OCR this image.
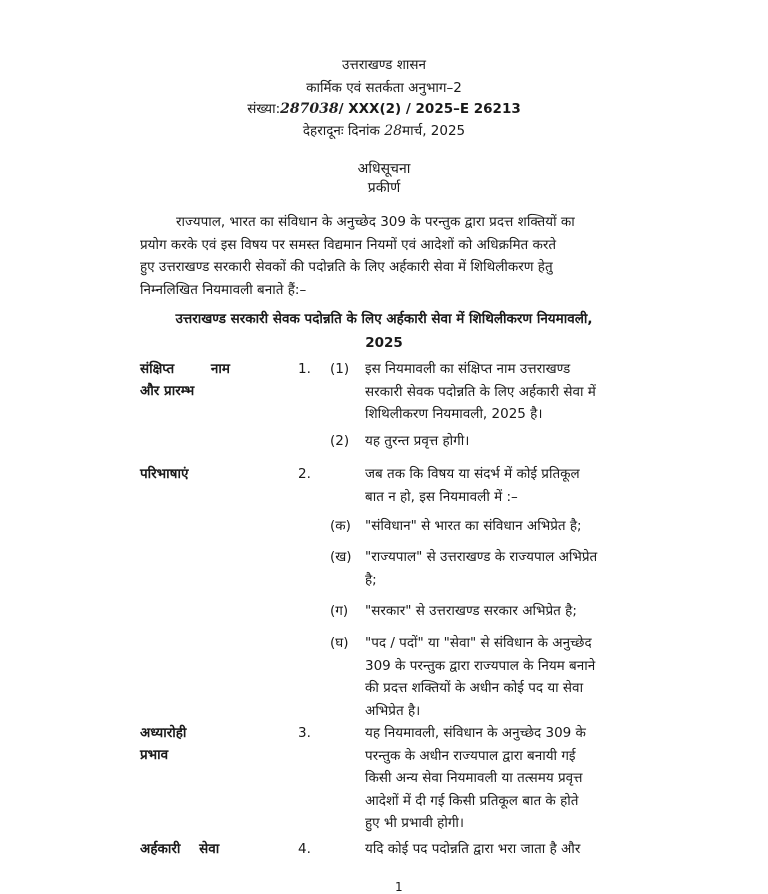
उत्तराखण्ड शासन
कार्मिक एवं सतर्कता अनुभाग–2
संख्या:287038/ XXX(2) / 2025–E 26213
देहरादूनः दिनांक 28मार्च, 2025
अधिसूचना
प्रकीर्ण
राज्यपाल, भारत का संविधान के अनुच्छेद 309 के परन्तुक द्वारा प्रदत्त शक्तियों का
प्रयोग करके एवं इस विषय पर समस्त विद्यमान नियमों एवं आदेशों को अधिक्रमित करते
हुए उत्तराखण्ड सरकारी सेवकों की पदोन्नति के लिए अर्हकारी सेवा में शिथिलीकरण हेतु
निम्नलिखित नियमावली बनाते हैं:–
उत्तराखण्ड सरकारी सेवक पदोन्नति के लिए अर्हकारी सेवा में शिथिलीकरण नियमावली,
2025
संक्षिप्त नाम
और प्रारम्भ
1. (1) इस नियमावली का संक्षिप्त नाम उत्तराखण्ड
सरकारी सेवक पदोन्नति के लिए अर्हकारी सेवा में
शिथिलीकरण नियमावली, 2025 है।
(2) यह तुरन्त प्रवृत्त होगी।
परिभाषाएं	2.	जब तक कि विषय या संदर्भ में कोई प्रतिकूल
बात न हो, इस नियमावली में :–
(क) "संविधान" से भारत का संविधान अभिप्रेत है;
(ख) "राज्यपाल" से उत्तराखण्ड के राज्यपाल अभिप्रेत
है;
(ग) "सरकार" से उत्तराखण्ड सरकार अभिप्रेत है;
(घ) "पद / पदों" या "सेवा" से संविधान के अनुच्छेद
309 के परन्तुक द्वारा राज्यपाल के नियम बनाने
की प्रदत्त शक्तियों के अधीन कोई पद या सेवा
अभिप्रेत है।
अध्यारोही
प्रभाव
3.	यह नियमावली, संविधान के अनुच्छेद 309 के
परन्तुक के अधीन राज्यपाल द्वारा बनायी गई
किसी अन्य सेवा नियमावली या तत्समय प्रवृत्त
आदेशों में दी गई किसी प्रतिकूल बात के होते
हुए भी प्रभावी होगी।
अर्हकारी सेवा	4.	यदि कोई पद पदोन्नति द्वारा भरा जाता है और
1
